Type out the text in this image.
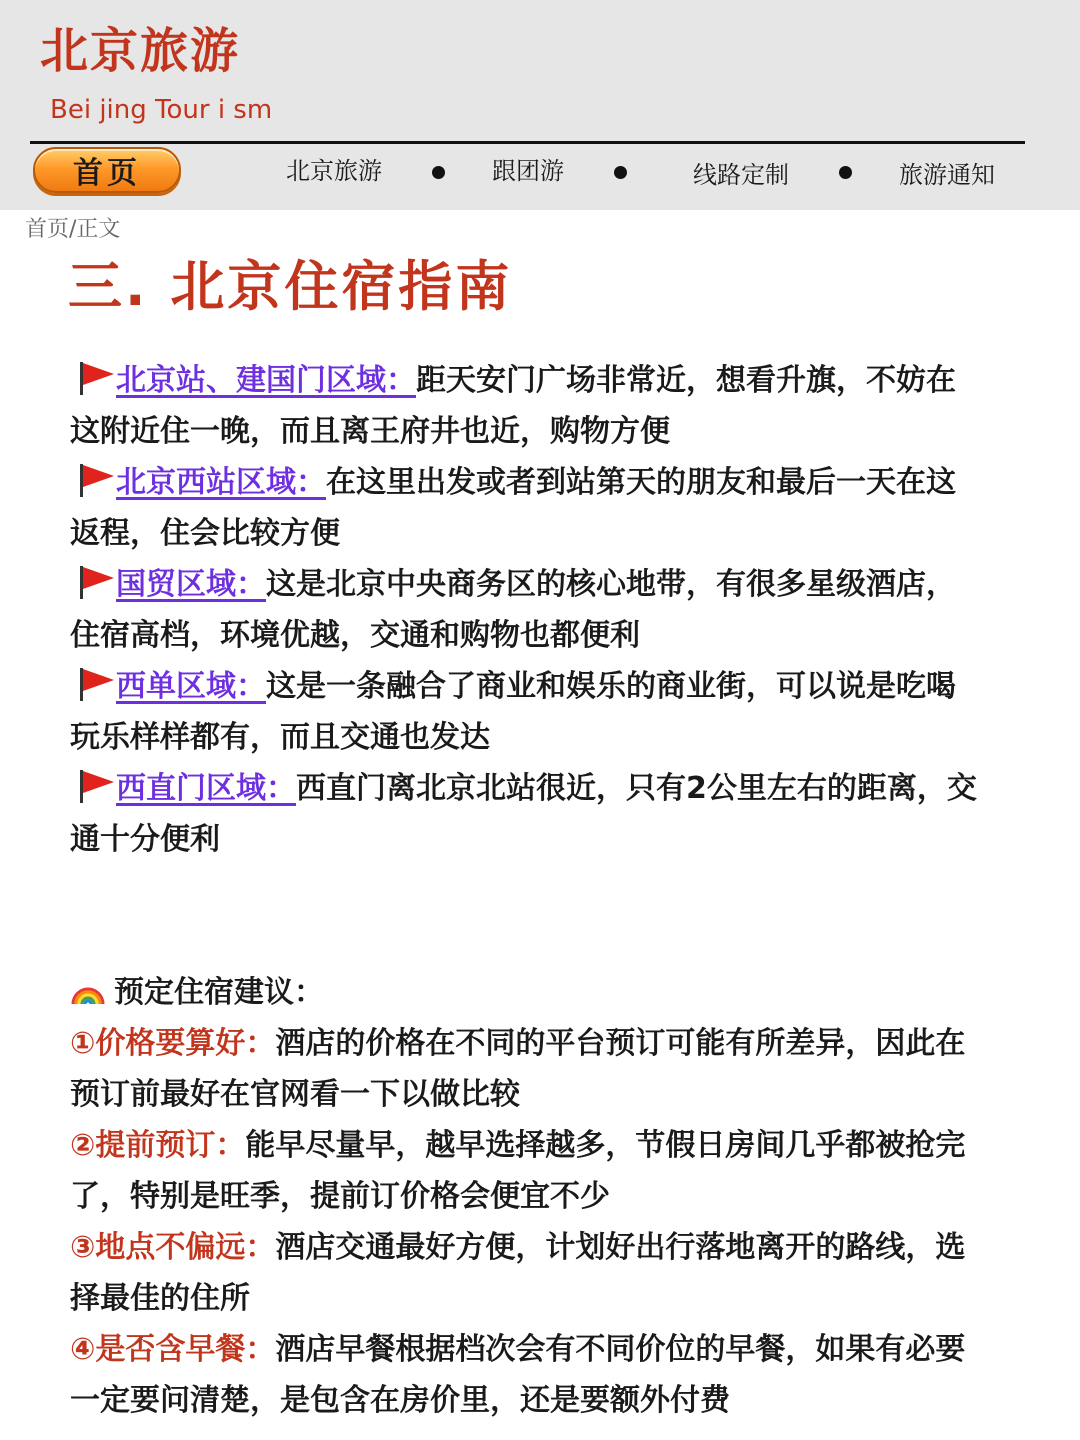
北京旅游
Bei jing Tour i sm
首页	北京旅游	跟团游	线路定制	旅游通知
首页/正文
三. 北京住宿指南

北京站、建国门区域：距天安门广场非常近，想看升旗，不妨在这附近住一晚，而且离王府井也近，购物方便

北京西站区域：在这里出发或者到站第天的朋友和最后一天在这返程，住会比较方便

国贸区域：这是北京中央商务区的核心地带，有很多星级酒店，住宿高档，环境优越，交通和购物也都便利

西单区域：这是一条融合了商业和娱乐的商业街，可以说是吃喝玩乐样样都有，而且交通也发达

西直门区域：西直门离北京北站很近，只有2公里左右的距离，交通十分便利

预定住宿建议：

①价格要算好：酒店的价格在不同的平台预订可能有所差异，因此在预订前最好在官网看一下以做比较

②提前预订：能早尽量早，越早选择越多，节假日房间几乎都被抢完了，特别是旺季，提前订价格会便宜不少

③地点不偏远：酒店交通最好方便，计划好出行落地离开的路线，选择最佳的住所

④是否含早餐：酒店早餐根据档次会有不同价位的早餐，如果有必要一定要问清楚，是包含在房价里，还是要额外付费
